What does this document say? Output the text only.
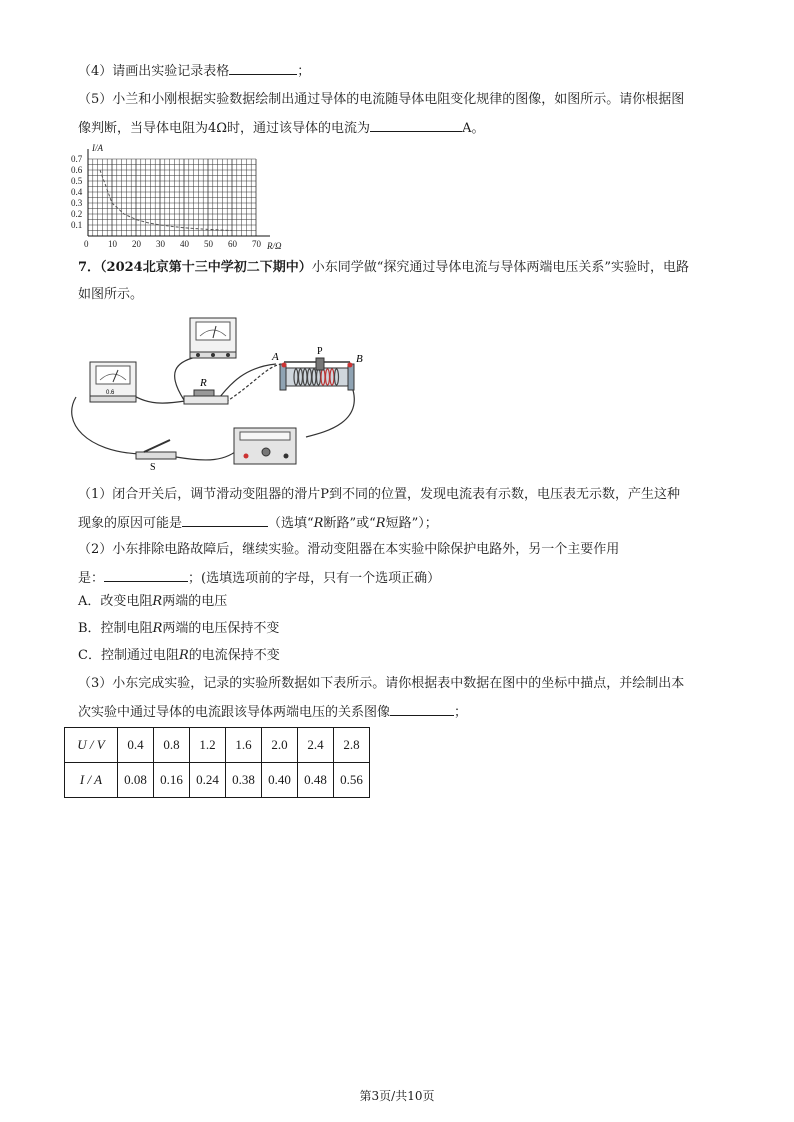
（4）请画出实验记录表格	；
（5）小兰和小刚根据实验数据绘制出通过导体的电流随导体电阻变化规律的图像，如图所示。请你根据图
像判断，当导体电阻为4Ω时，通过该导体的电流为	A。
0 10 20 30 40 50 60 70
0.1
0.2
0.3
0.4
0.5
0.6
0.7
I/A
R/Ω
7．（2024北京第十三中学初二下期中）小东同学做“探究通过导体电流与导体两端电压关系”实验时，电路
如图所示。
0.6
R
A	P
B
S
（1）闭合开关后，调节滑动变阻器的滑片P到不同的位置，发现电流表有示数，电压表无示数，产生这种
现象的原因可能是	（选填“R断路”或“R短路”）；
（2）小东排除电路故障后，继续实验。滑动变阻器在本实验中除保护电路外，另一个主要作用
是：	；(选填选项前的字母，只有一个选项正确）
A．改变电阻R两端的电压
B．控制电阻R两端的电压保持不变
C．控制通过电阻R的电流保持不变
（3）小东完成实验，记录的实验所数据如下表所示。请你根据表中数据在图中的坐标中描点，并绘制出本
次实验中通过导体的电流跟该导体两端电压的关系图像	；
U / V	0.4	0.8	1.2	1.6	2.0	2.4	2.8
I / A	0.08	0.16	0.24	0.38	0.40	0.48	0.56
第3页/共10页
